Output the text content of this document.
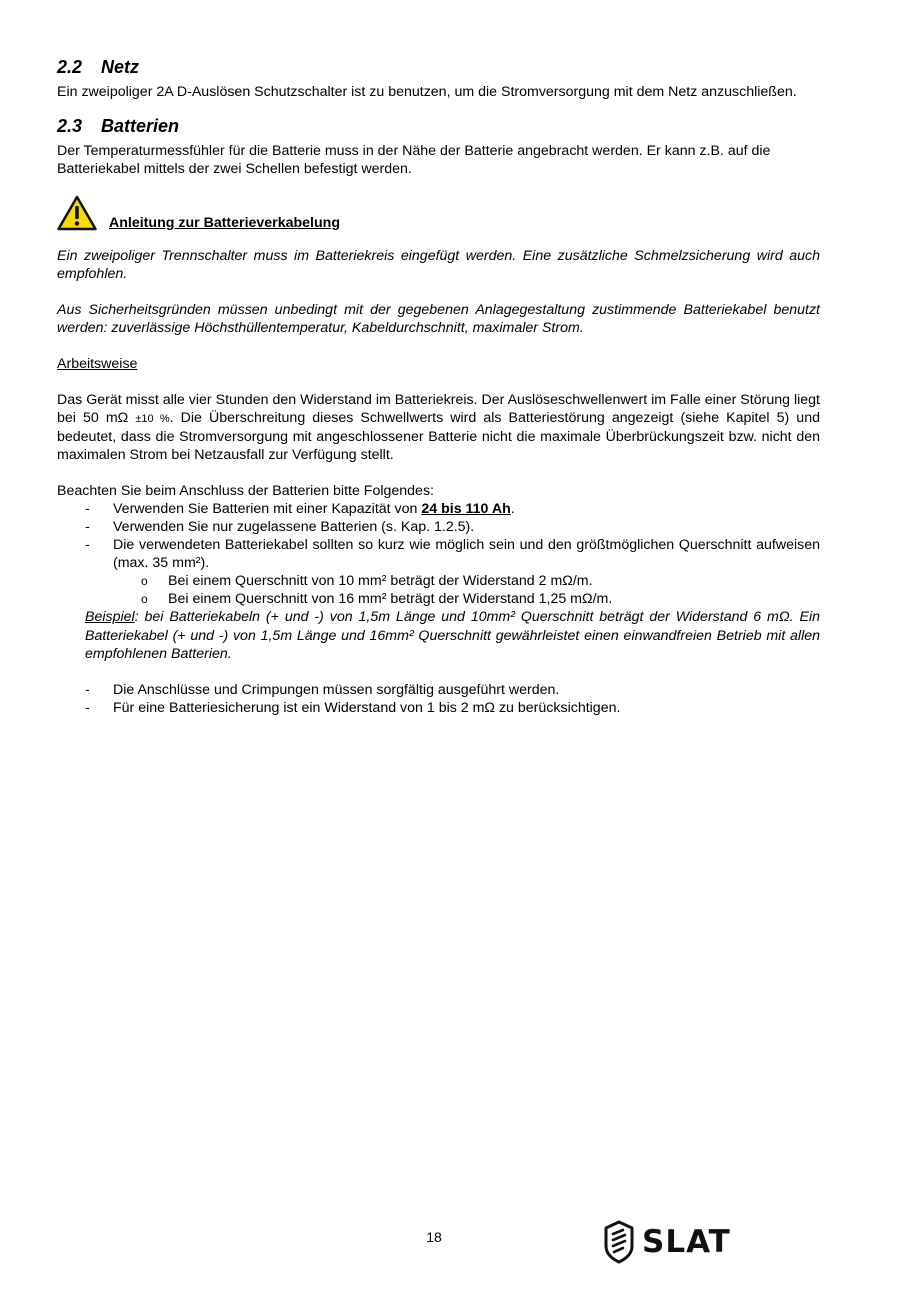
2.2 Netz

Ein zweipoliger 2A D-Auslösen Schutzschalter ist zu benutzen, um die Stromversorgung mit dem Netz anzuschließen.

2.3 Batterien

Der Temperaturmessfühler für die Batterie muss in der Nähe der Batterie angebracht werden. Er kann z.B. auf die Batteriekabel mittels der zwei Schellen befestigt werden.

Anleitung zur Batterieverkabelung

Ein zweipoliger Trennschalter muss im Batteriekreis eingefügt werden. Eine zusätzliche Schmelzsicherung wird auch empfohlen.

Aus Sicherheitsgründen müssen unbedingt mit der gegebenen Anlagegestaltung zustimmende Batteriekabel benutzt werden: zuverlässige Höchsthüllentemperatur, Kabeldurchschnitt, maximaler Strom.

Arbeitsweise

Das Gerät misst alle vier Stunden den Widerstand im Batteriekreis. Der Auslöseschwellenwert im Falle einer Störung liegt bei 50 mΩ ±10 %. Die Überschreitung dieses Schwellwerts wird als Batteriestörung angezeigt (siehe Kapitel 5) und bedeutet, dass die Stromversorgung mit angeschlossener Batterie nicht die maximale Überbrückungszeit bzw. nicht den maximalen Strom bei Netzausfall zur Verfügung stellt.

Beachten Sie beim Anschluss der Batterien bitte Folgendes:

- Verwenden Sie Batterien mit einer Kapazität von 24 bis 110 Ah.
- Verwenden Sie nur zugelassene Batterien (s. Kap. 1.2.5).
- Die verwendeten Batteriekabel sollten so kurz wie möglich sein und den größtmöglichen Querschnitt aufweisen (max. 35 mm²).
o Bei einem Querschnitt von 10 mm² beträgt der Widerstand 2 mΩ/m.
o Bei einem Querschnitt von 16 mm² beträgt der Widerstand 1,25 mΩ/m.

Beispiel: bei Batteriekabeln (+ und -) von 1,5m Länge und 10mm² Querschnitt beträgt der Widerstand 6 mΩ. Ein Batteriekabel (+ und -) von 1,5m Länge und 16mm² Querschnitt gewährleistet einen einwandfreien Betrieb mit allen empfohlenen Batterien.

- Die Anschlüsse und Crimpungen müssen sorgfältig ausgeführt werden.
- Für eine Batteriesicherung ist ein Widerstand von 1 bis 2 mΩ zu berücksichtigen.
18	SLAT
